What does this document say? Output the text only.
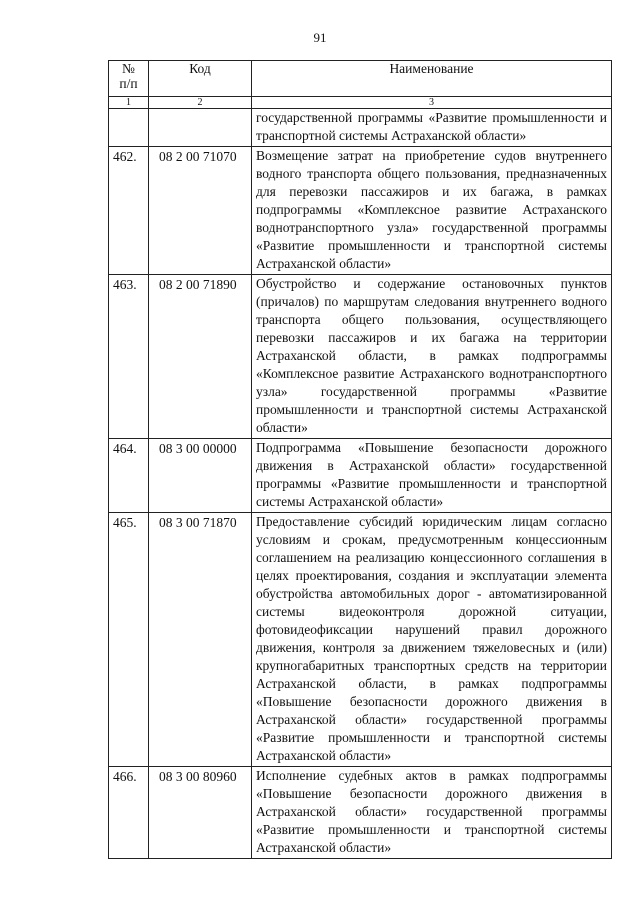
91
№
п/п	Код	Наименование
1	2	3
		государственной программы «Развитие промышленности и транспортной системы Астраханской области»
462.	08 2 00 71070	Возмещение затрат на приобретение судов внутреннего водного транспорта общего пользования, предназначенных для перевозки пассажиров и их багажа, в рамках подпрограммы «Комплексное развитие Астраханского воднотранспортного узла» государственной программы «Развитие промышленности и транспортной системы Астраханской области»
463.	08 2 00 71890	Обустройство и содержание остановочных пунктов (причалов) по маршрутам следования внутреннего водного транспорта общего пользования, осуществляющего перевозки пассажиров и их багажа на территории Астраханской области, в рамках подпрограммы «Комплексное развитие Астраханского воднотранспортного узла» государственной программы «Развитие промышленности и транспортной системы Астраханской области»
464.	08 3 00 00000	Подпрограмма «Повышение безопасности дорожного движения в Астраханской области» государственной программы «Развитие промышленности и транспортной системы Астраханской области»
465.	08 3 00 71870	Предоставление субсидий юридическим лицам согласно условиям и срокам, предусмотренным концессионным соглашением на реализацию концессионного соглашения в целях проектирования, создания и эксплуатации элемента обустройства автомобильных дорог - автоматизированной системы видеоконтроля дорожной ситуации, фотовидеофиксации нарушений правил дорожного движения, контроля за движением тяжеловесных и (или) крупногабаритных транспортных средств на территории Астраханской области, в рамках подпрограммы «Повышение безопасности дорожного движения в Астраханской области» государственной программы «Развитие промышленности и транспортной системы Астраханской области»
466.	08 3 00 80960	Исполнение судебных актов в рамках подпрограммы «Повышение безопасности дорожного движения в Астраханской области» государственной программы «Развитие промышленности и транспортной системы Астраханской области»
